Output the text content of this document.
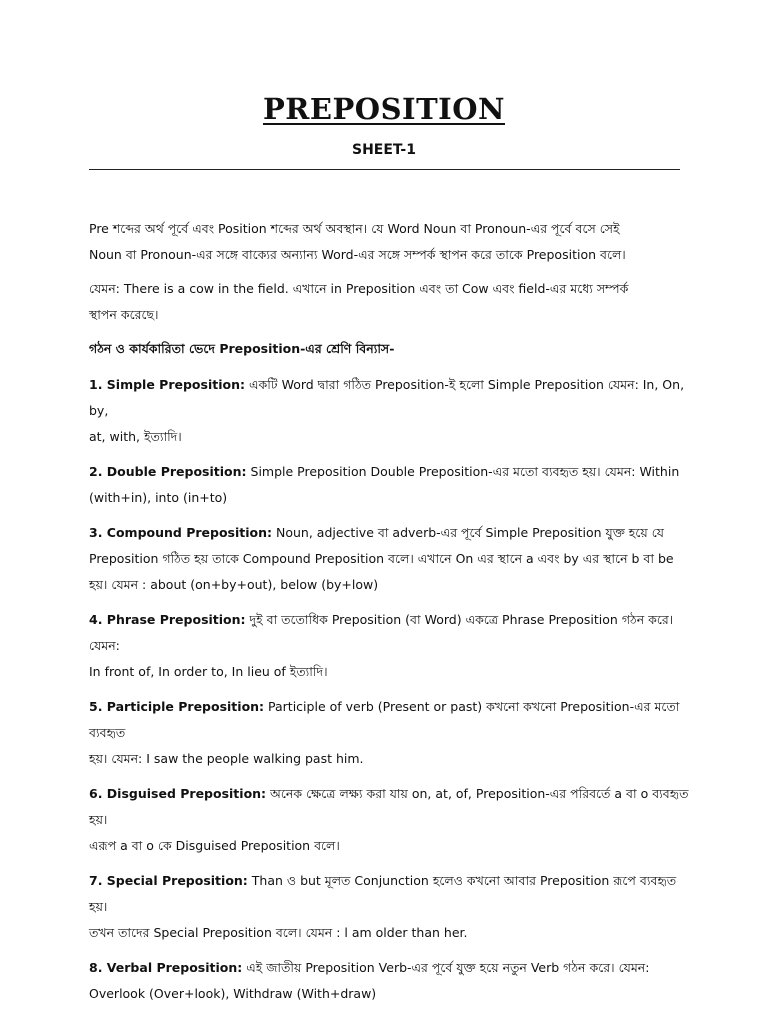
PREPOSITION
SHEET-1
Pre শব্দের অর্থ পূর্বে এবং Position শব্দের অর্থ অবস্থান। যে Word Noun বা Pronoun-এর পূর্বে বসে সেই
Noun বা Pronoun-এর সঙ্গে বাক্যের অন্যান্য Word-এর সঙ্গে সম্পর্ক স্থাপন করে তাকে Preposition বলে।
যেমন: There is a cow in the field. এখানে in Preposition এবং তা Cow এবং field-এর মধ্যে সম্পর্ক
স্থাপন করেছে।
গঠন ও কার্যকারিতা ভেদে Preposition-এর শ্রেণি বিন্যাস-
1. Simple Preposition: একটি Word দ্বারা গঠিত Preposition-ই হলো Simple Preposition যেমন: In, On, by,
at, with, ইত্যাদি।
2. Double Preposition: Simple Preposition Double Preposition-এর মতো ব্যবহৃত হয়। যেমন: Within
(with+in), into (in+to)
3. Compound Preposition: Noun, adjective বা adverb-এর পূর্বে Simple Preposition যুক্ত হয়ে যে
Preposition গঠিত হয় তাকে Compound Preposition বলে। এখানে On এর স্থানে a এবং by এর স্থানে b বা be
হয়। যেমন : about (on+by+out), below (by+low)
4. Phrase Preposition: দুই বা ততোধিক Preposition (বা Word) একত্রে Phrase Preposition গঠন করে। যেমন:
In front of, In order to, In lieu of ইত্যাদি।
5. Participle Preposition: Participle of verb (Present or past) কখনো কখনো Preposition-এর মতো ব্যবহৃত
হয়। যেমন: I saw the people walking past him.
6. Disguised Preposition: অনেক ক্ষেত্রে লক্ষ্য করা যায় on, at, of, Preposition-এর পরিবর্তে a বা o ব্যবহৃত হয়।
এরূপ a বা o কে Disguised Preposition বলে।
7. Special Preposition: Than ও but মূলত Conjunction হলেও কখনো আবার Preposition রূপে ব্যবহৃত হয়।
তখন তাদের Special Preposition বলে। যেমন : l am older than her.
8. Verbal Preposition: এই জাতীয় Preposition Verb-এর পূর্বে যুক্ত হয়ে নতুন Verb গঠন করে। যেমন:
Overlook (Over+look), Withdraw (With+draw)
